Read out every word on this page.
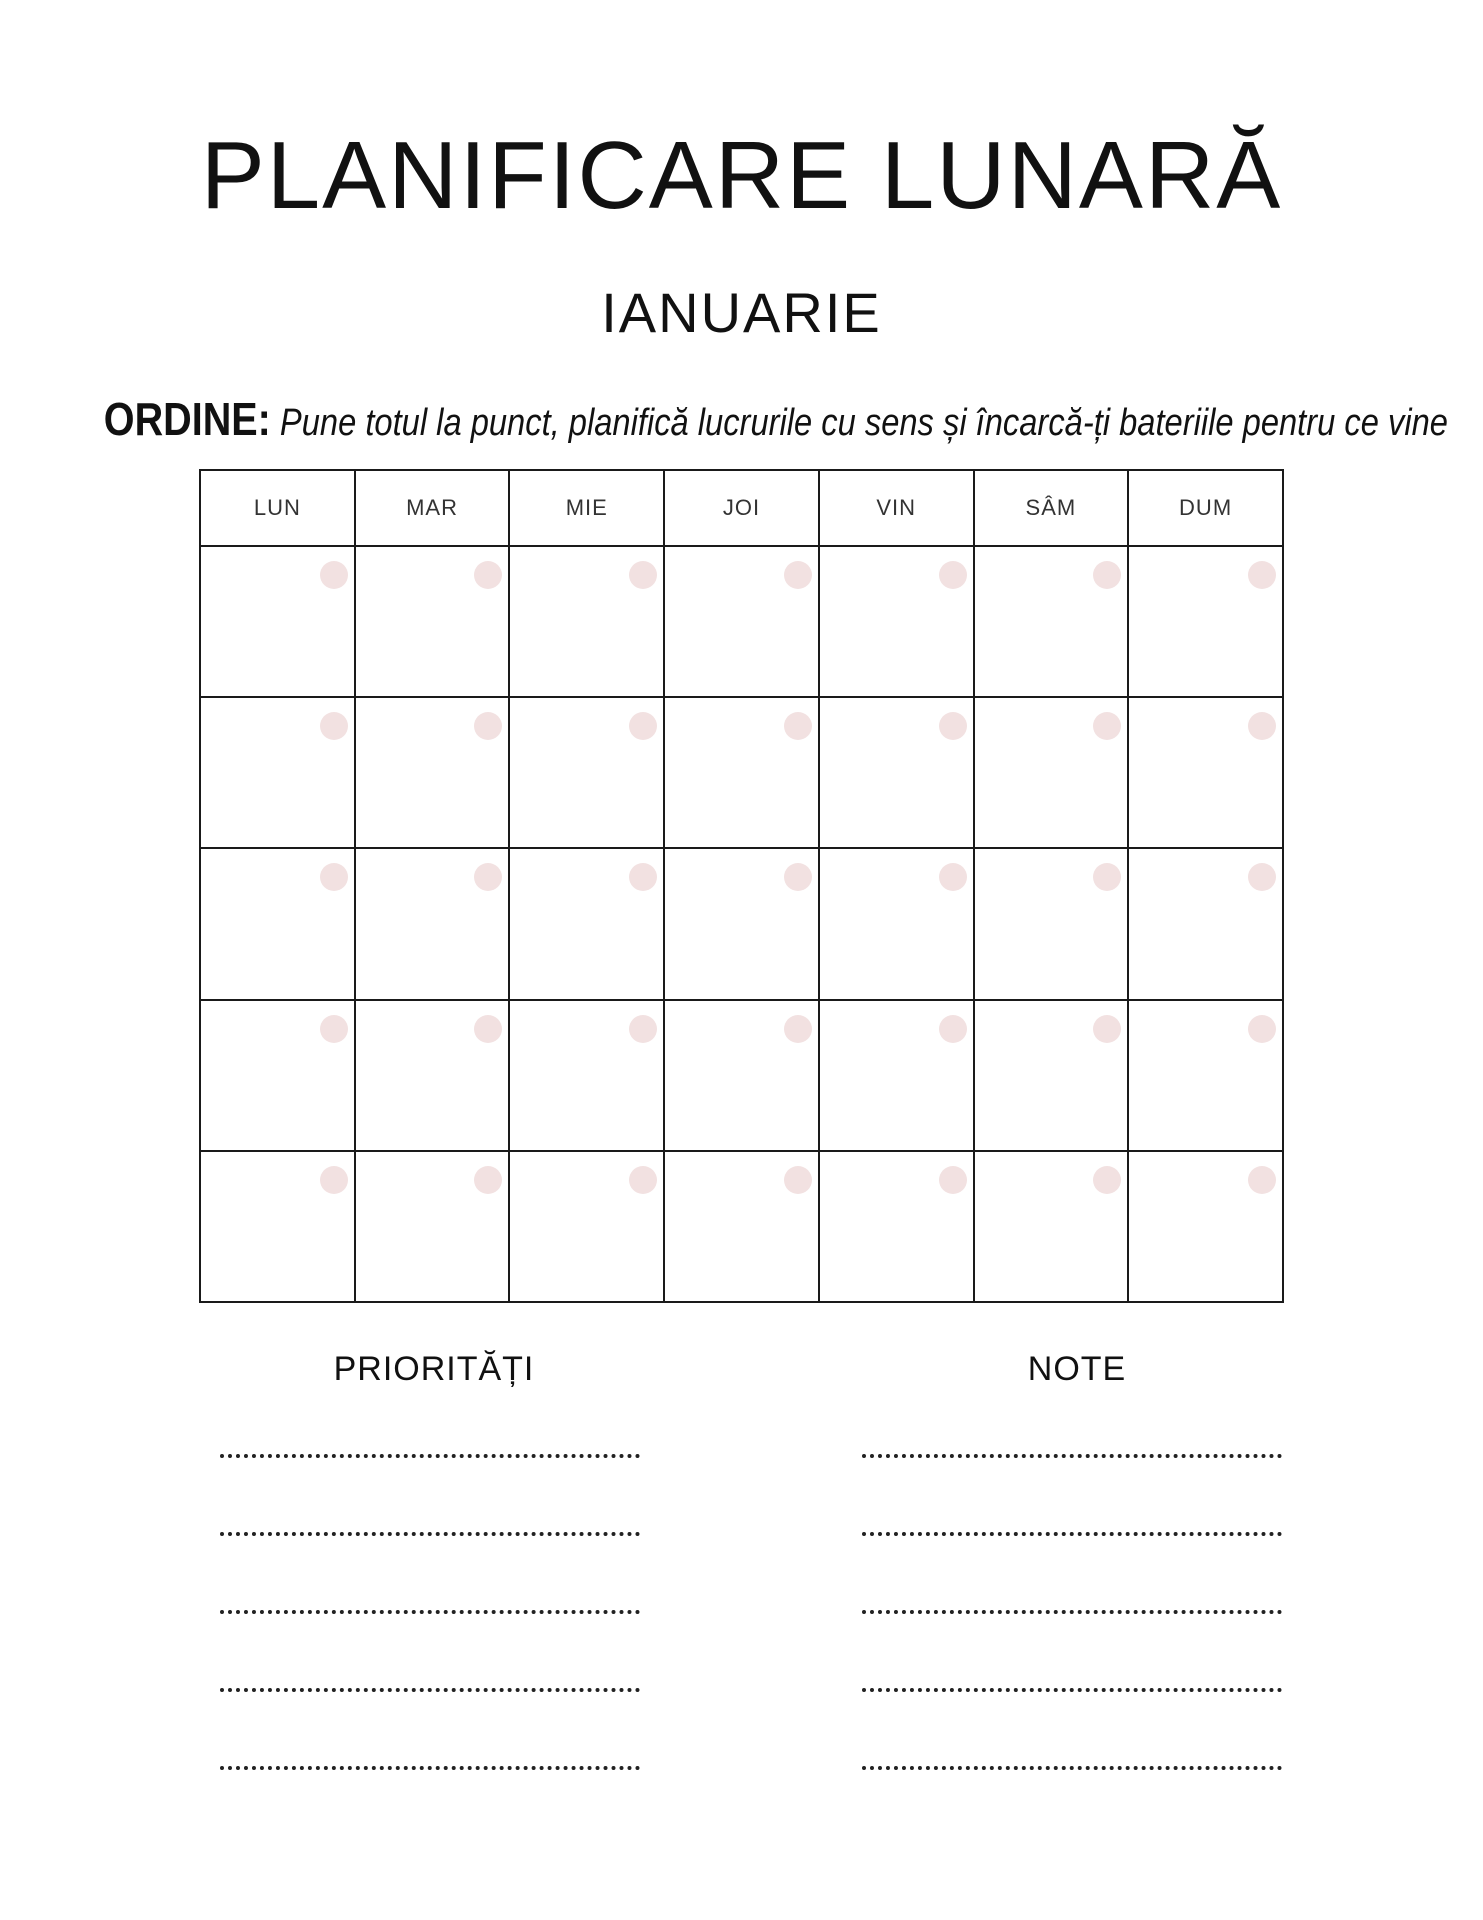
PLANIFICARE LUNARĂ
IANUARIE
ORDINE: Pune totul la punct, planifică lucrurile cu sens și încarcă-ți bateriile pentru ce vine
LUN	MAR	MIE	JOI	VIN	SÂM	DUM

PRIORITĂȚI	NOTE
